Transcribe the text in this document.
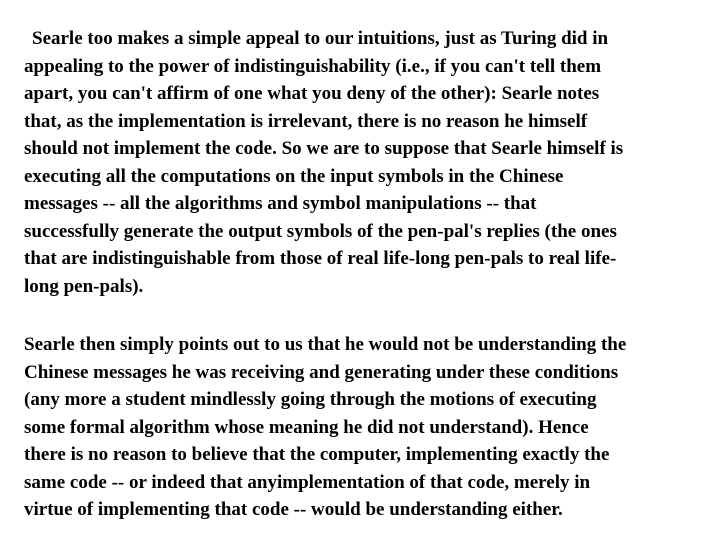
Searle too makes a simple appeal to our intuitions, just as Turing did in
appealing to the power of indistinguishability (i.e., if you can't tell them
apart, you can't affirm of one what you deny of the other): Searle notes
that, as the implementation is irrelevant, there is no reason he himself
should not implement the code. So we are to suppose that Searle himself is
executing all the computations on the input symbols in the Chinese
messages -- all the algorithms and symbol manipulations -- that
successfully generate the output symbols of the pen-pal's replies (the ones
that are indistinguishable from those of real life-long pen-pals to real life-
long pen-pals).
Searle then simply points out to us that he would not be understanding the
Chinese messages he was receiving and generating under these conditions
(any more a student mindlessly going through the motions of executing
some formal algorithm whose meaning he did not understand). Hence
there is no reason to believe that the computer, implementing exactly the
same code -- or indeed that anyimplementation of that code, merely in
virtue of implementing that code -- would be understanding either.
